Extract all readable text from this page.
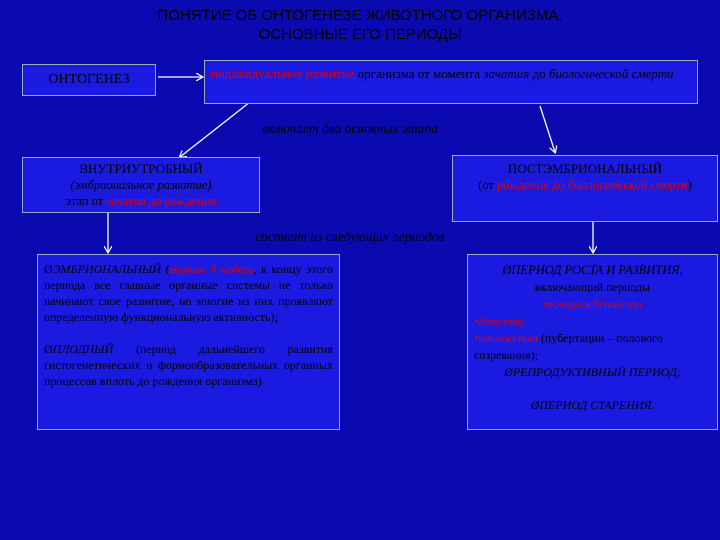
ПОНЯТИЕ ОБ ОНТОГЕНЕЗЕ ЖИВОТНОГО ОРГАНИЗМА.
ОСНОВНЫЕ ЕГО ПЕРИОДЫ
ОНТОГЕНЕЗ	индивидуальное развитие организма от момента зачатия до биологической смерти
включает два основных этапа
ВНУТРИУТРОБНЫЙ
(эмбриональное развитие)
этап от зачатия до рождения
ПОСТЭМБРИОНАЛЬНЫЙ
(от рождения до биологической смерти)
состоит из следующих периодов

ØЭМБРИОНАЛЬНЫЙ (первые 8 недель, к концу этого периода все главные органные системы не только начинают свое развитие, но многие из них проявляют определенную функциональную активность);

ØПЛОДНЫЙ (период дальнейшего развития гистогенетических и формообразовательных органных процессов вплоть до рождения организма)

ØПЕРИОД РОСТА И РАЗВИТИЯ,
включающий периоды
•новорожденности
•детства
•юношества (пубертации – полового созревания);
ØРЕПРОДУКТИВНЫЙ ПЕРИОД;
ØПЕРИОД СТАРЕНИЯ.
